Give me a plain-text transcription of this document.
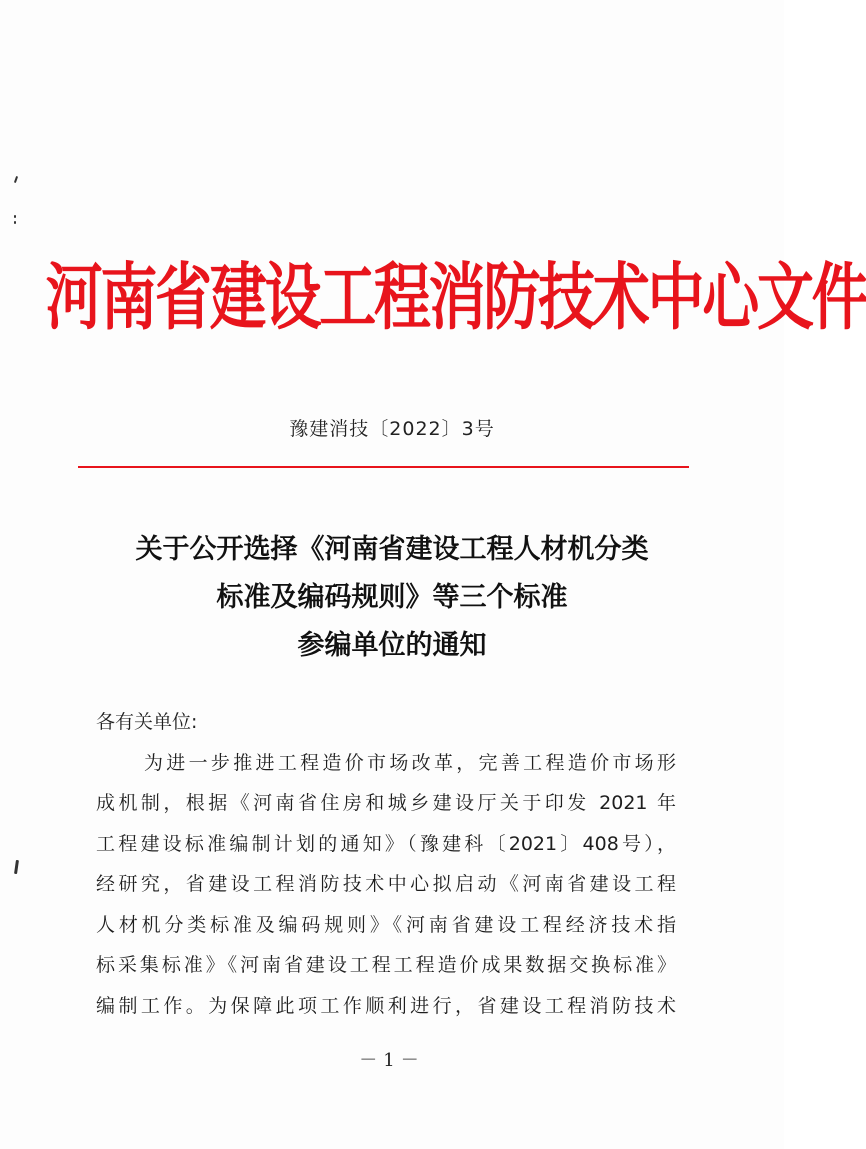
河南省建设工程消防技术中心文件
豫建消技〔2022〕3号
关于公开选择《河南省建设工程人材机分类
标准及编码规则》等三个标准
参编单位的通知
各有关单位:
为进一步推进工程造价市场改革，完善工程造价市场形
成机制，根据《河南省住房和城乡建设厅关于印发 2021 年
工程建设标准编制计划的通知》（豫建科〔2021〕408号），
经研究，省建设工程消防技术中心拟启动《河南省建设工程
人材机分类标准及编码规则》《河南省建设工程经济技术指
标采集标准》《河南省建设工程工程造价成果数据交换标准》
编制工作。为保障此项工作顺利进行，省建设工程消防技术
－1－
